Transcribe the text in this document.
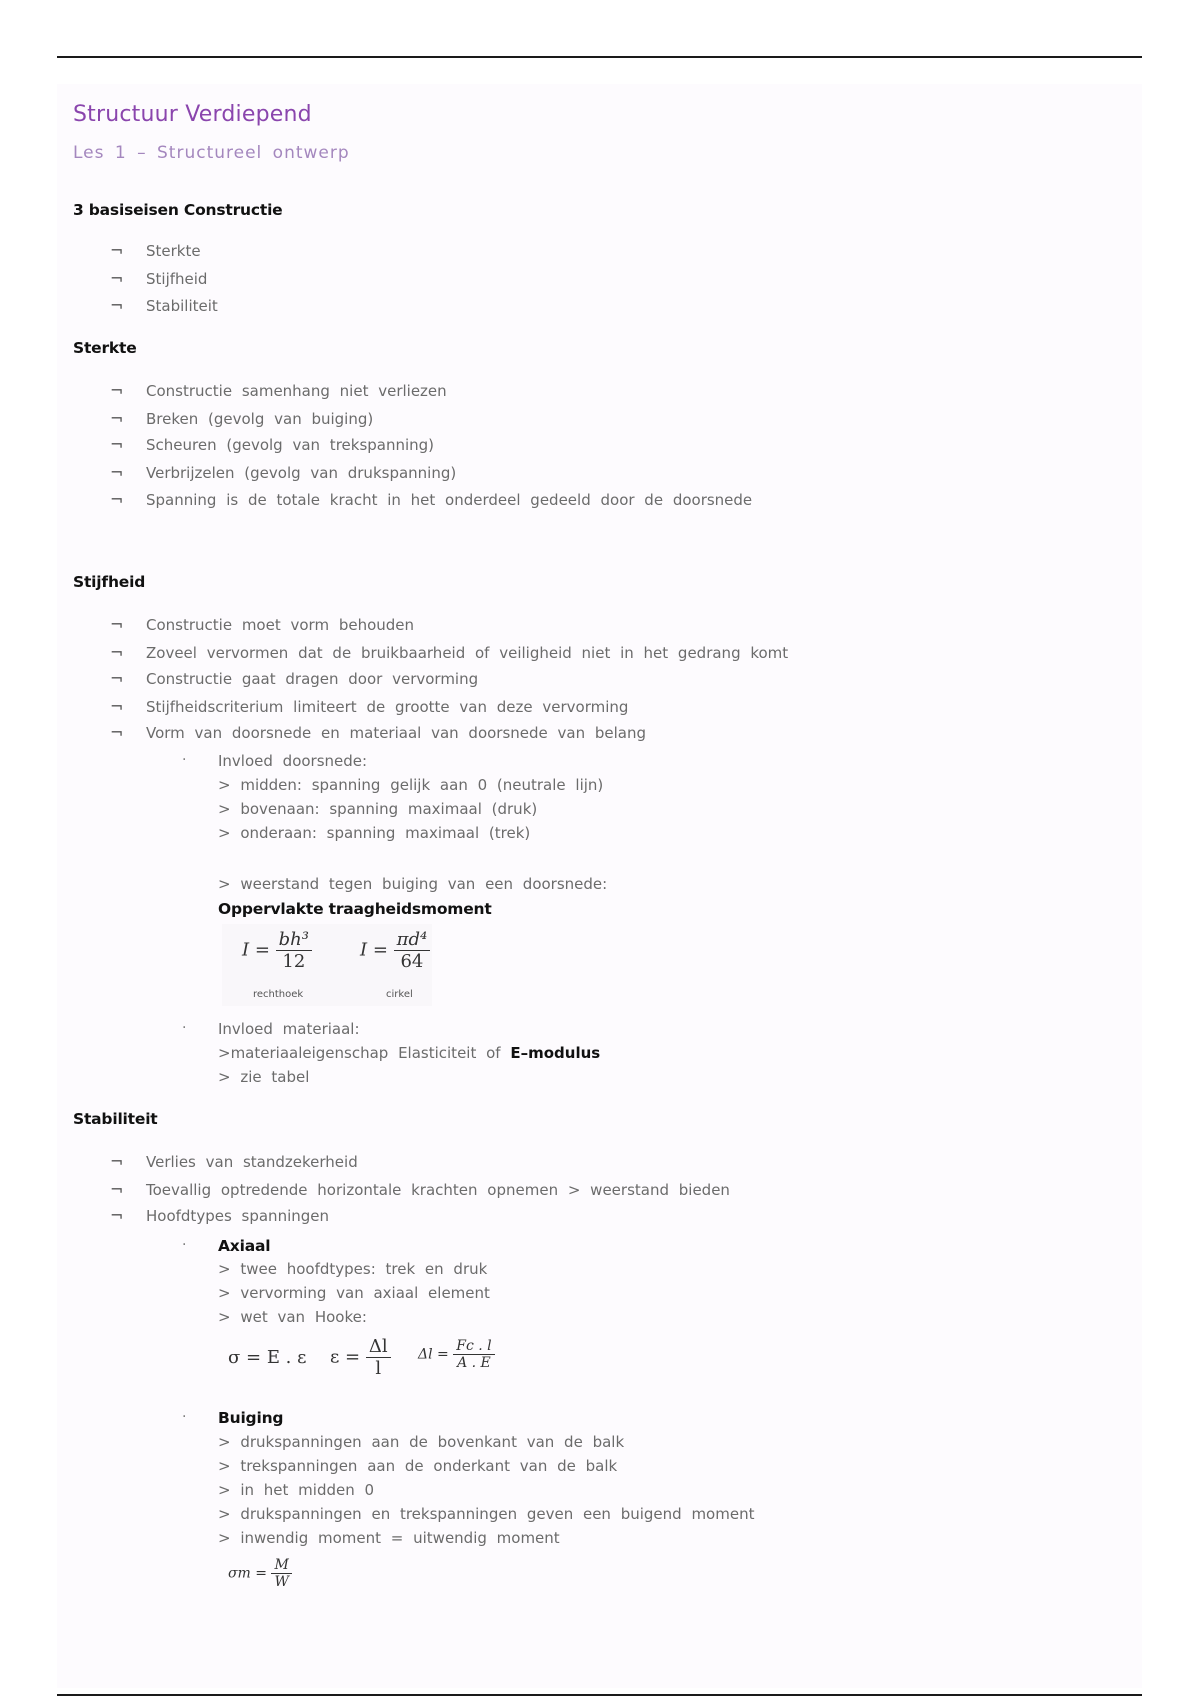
Structuur Verdiepend
Les 1 – Structureel ontwerp
3 basiseisen Constructie
¬ Sterkte
¬ Stijfheid
¬ Stabiliteit
Sterkte
¬ Constructie samenhang niet verliezen
¬ Breken (gevolg van buiging)
¬ Scheuren (gevolg van trekspanning)
¬ Verbrijzelen (gevolg van drukspanning)
¬ Spanning is de totale kracht in het onderdeel gedeeld door de doorsnede
Stijfheid
¬ Constructie moet vorm behouden
¬ Zoveel vervormen dat de bruikbaarheid of veiligheid niet in het gedrang komt
¬ Constructie gaat dragen door vervorming
¬ Stijfheidscriterium limiteert de grootte van deze vervorming
¬ Vorm van doorsnede en materiaal van doorsnede van belang
· Invloed doorsnede:
> midden: spanning gelijk aan 0 (neutrale lijn)
> bovenaan: spanning maximaal (druk)
> onderaan: spanning maximaal (trek)
> weerstand tegen buiging van een doorsnede:
Oppervlakte traagheidsmoment
$I = \frac{\text{bh³}}{12}$
rechthoek
$I = \frac{\text{πd⁴}}{64}$
cirkel
· Invloed materiaal:
>materiaaleigenschap Elasticiteit of E–modulus
> zie tabel
Stabiliteit
¬ Verlies van standzekerheid
¬ Toevallig optredende horizontale krachten opnemen > weerstand bieden
¬ Hoofdtypes spanningen
· Axiaal
> twee hoofdtypes: trek en druk
> vervorming van axiaal element
> wet van Hooke:
σ = E . ε $\varepsilon = \frac{\Delta l}{l}$ $\Delta l = \frac{Fc . l}{A . E}$
· Buiging
> drukspanningen aan de bovenkant van de balk
> trekspanningen aan de onderkant van de balk
> in het midden 0
> drukspanningen en trekspanningen geven een buigend moment
> inwendig moment = uitwendig moment
$\sigma m = \frac{M}{W}$
